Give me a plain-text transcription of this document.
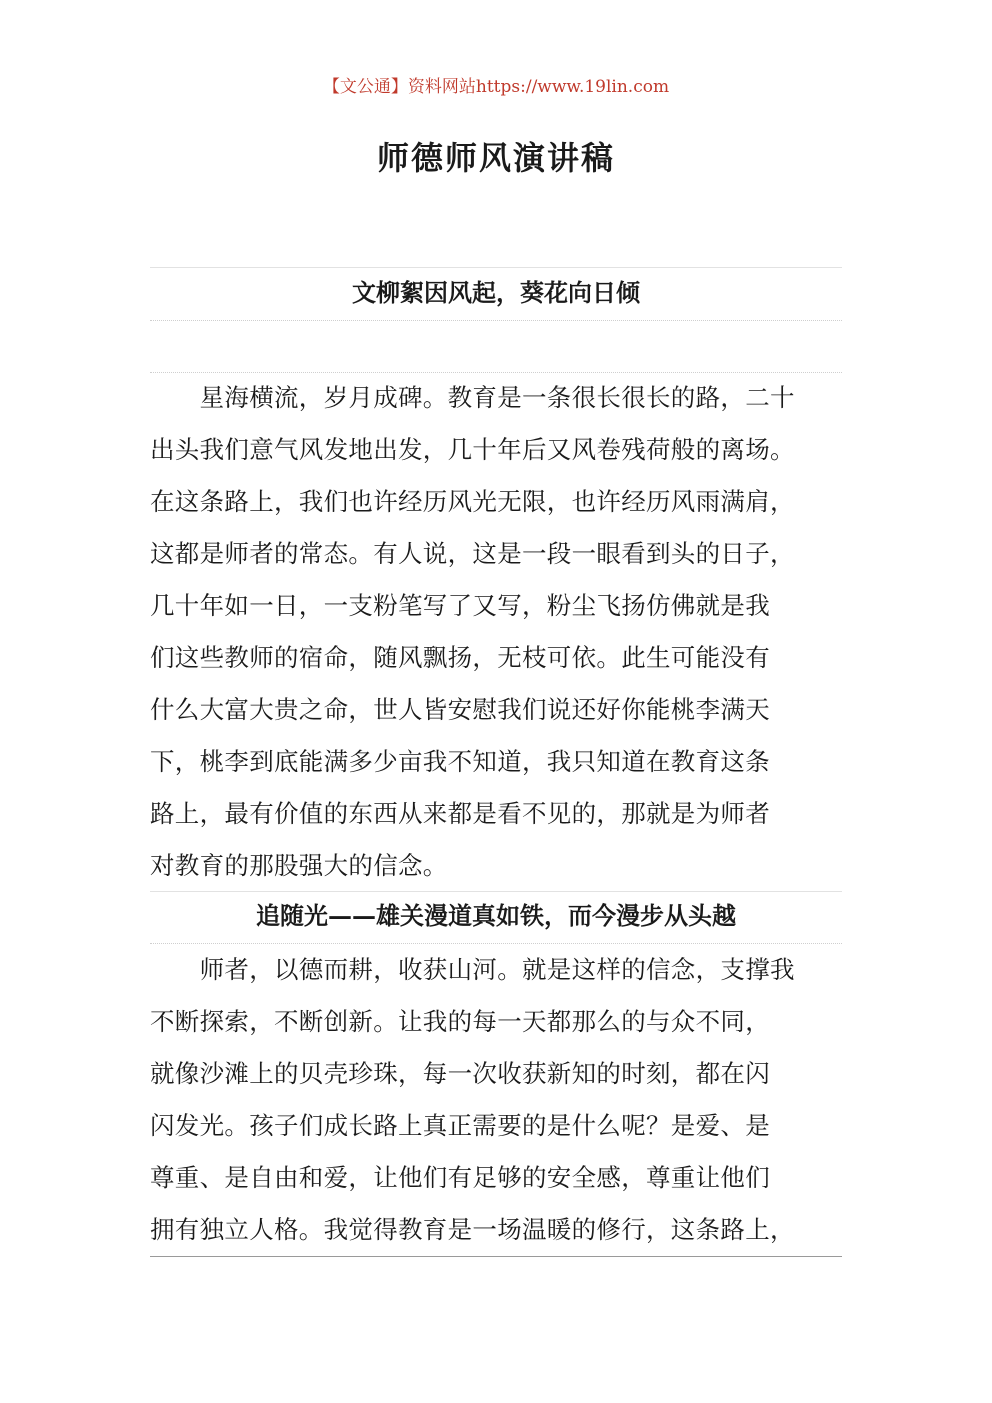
【文公通】资料网站https://www.19lin.com
师德师风演讲稿
文柳絮因风起，葵花向日倾
　　星海横流，岁月成碑。教育是一条很长很长的路，二十
出头我们意气风发地出发，几十年后又风卷残荷般的离场。
在这条路上，我们也许经历风光无限，也许经历风雨满肩，
这都是师者的常态。有人说，这是一段一眼看到头的日子，
几十年如一日，一支粉笔写了又写，粉尘飞扬仿佛就是我
们这些教师的宿命，随风飘扬，无枝可依。此生可能没有
什么大富大贵之命，世人皆安慰我们说还好你能桃李满天
下，桃李到底能满多少亩我不知道，我只知道在教育这条
路上，最有价值的东西从来都是看不见的，那就是为师者
对教育的那股强大的信念。
追随光——雄关漫道真如铁，而今漫步从头越
　　师者，以德而耕，收获山河。就是这样的信念，支撑我
不断探索，不断创新。让我的每一天都那么的与众不同，
就像沙滩上的贝壳珍珠，每一次收获新知的时刻，都在闪
闪发光。孩子们成长路上真正需要的是什么呢？是爱、是
尊重、是自由和爱，让他们有足够的安全感，尊重让他们
拥有独立人格。我觉得教育是一场温暖的修行，这条路上，
